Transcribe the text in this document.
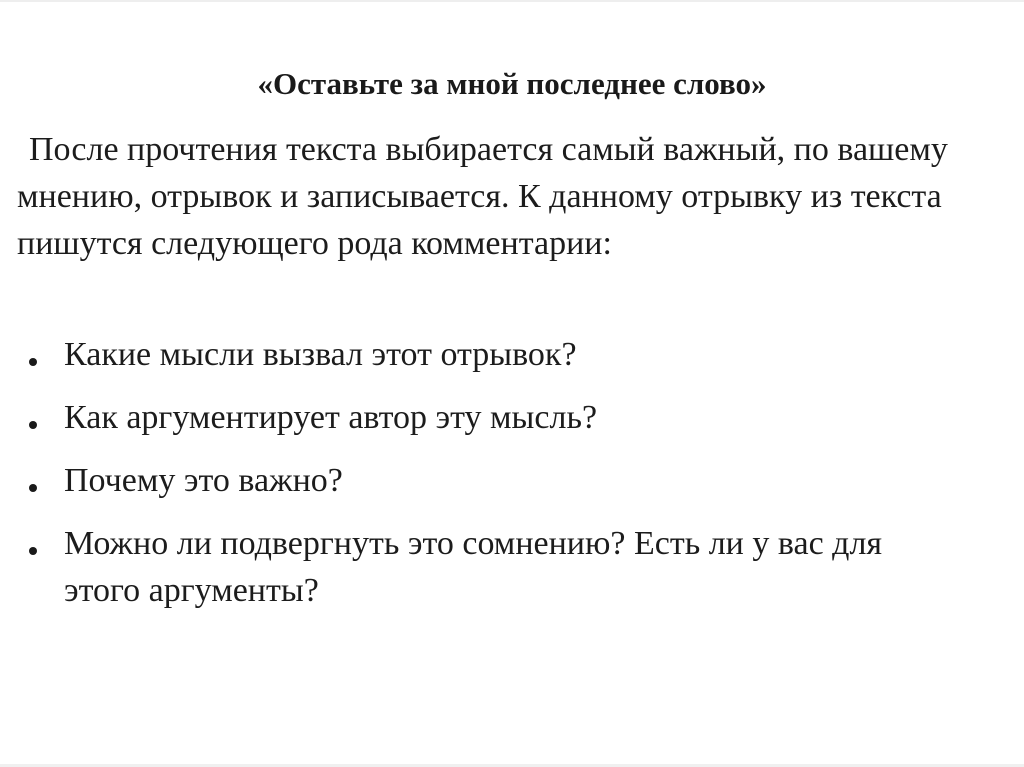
«Оставьте за мной последнее слово»

После прочтения текста выбирается самый важный, по вашему мнению, отрывок и записывается. К данному отрывку из текста пишутся следующего рода комментарии:

Какие мысли вызвал этот отрывок?
Как аргументирует автор эту мысль?
Почему это важно?
Можно ли подвергнуть это сомнению? Есть ли у вас для этого аргументы?
